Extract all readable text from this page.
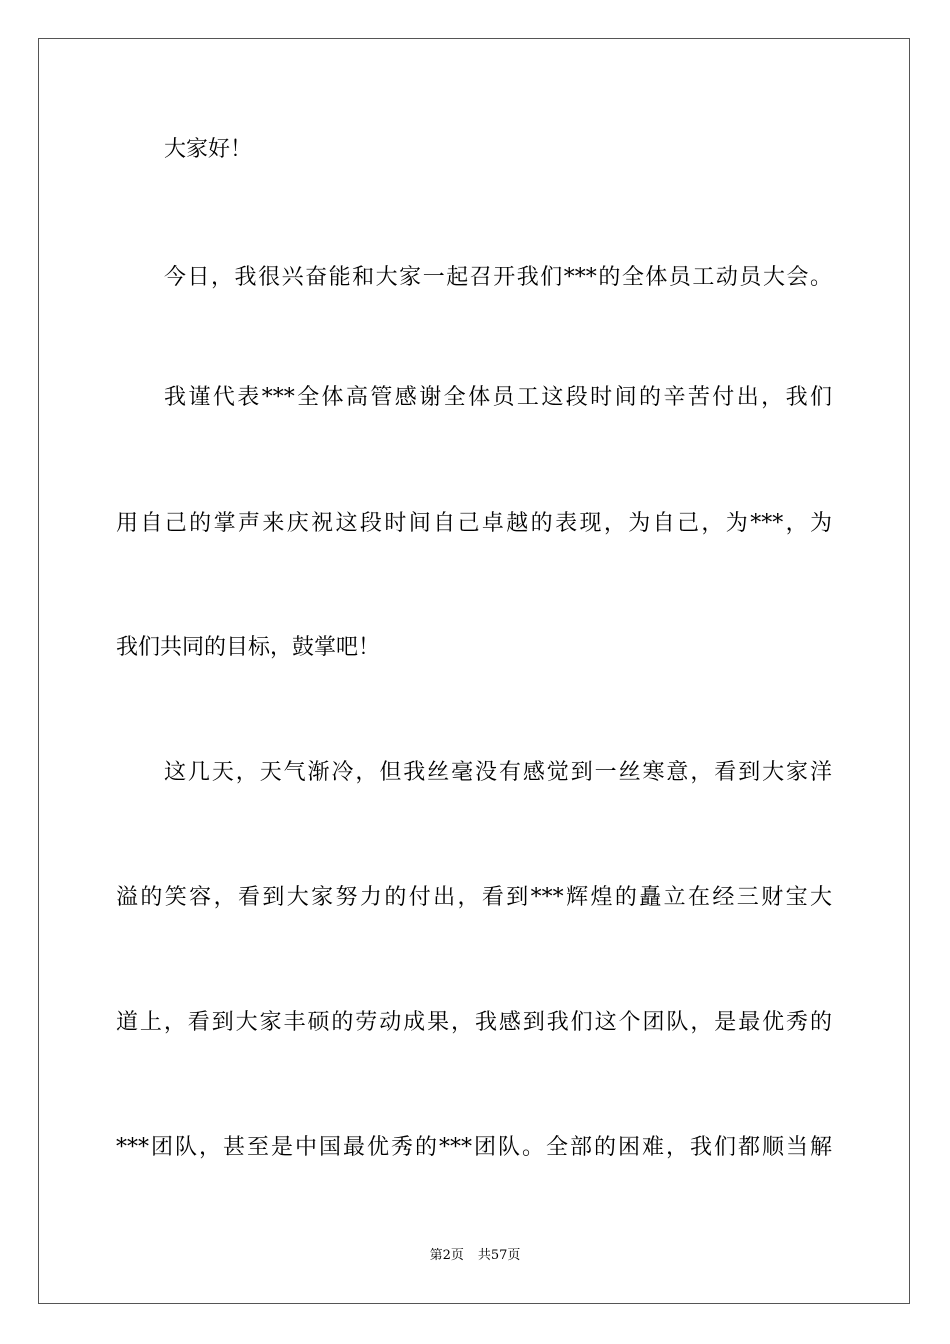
大家好！
今日，我很兴奋能和大家一起召开我们***的全体员工动员大会。
我谨代表***全体高管感谢全体员工这段时间的辛苦付出，我们
用自己的掌声来庆祝这段时间自己卓越的表现，为自己，为***，为
我们共同的目标，鼓掌吧！
这几天，天气渐冷，但我丝毫没有感觉到一丝寒意，看到大家洋
溢的笑容，看到大家努力的付出，看到***辉煌的矗立在经三财宝大
道上，看到大家丰硕的劳动成果，我感到我们这个团队，是最优秀的
***团队，甚至是中国最优秀的***团队。全部的困难，我们都顺当解
第2页 共57页
